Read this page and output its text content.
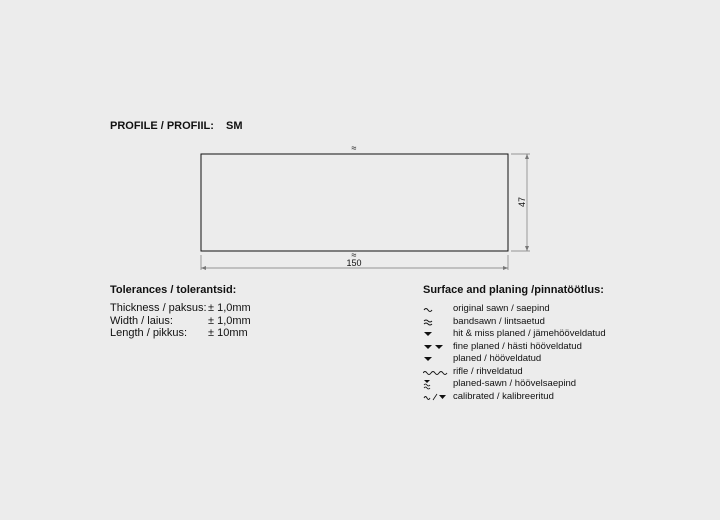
PROFILE / PROFIIL: SM
≈
≈
150
47
Tolerances / tolerantsid:
Thickness / paksus:± 1,0mm
Width / laius:	± 1,0mm
Length / pikkus: ± 10mm
Surface and planing /pinnatöötlus:
original sawn / saepind
bandsawn / lintsaetud
hit & miss planed / jämehööveldatud
fine planed / hästi hööveldatud
planed / hööveldatud
rifle / rihveldatud
planed-sawn / höövelsaepind
calibrated / kalibreeritud
